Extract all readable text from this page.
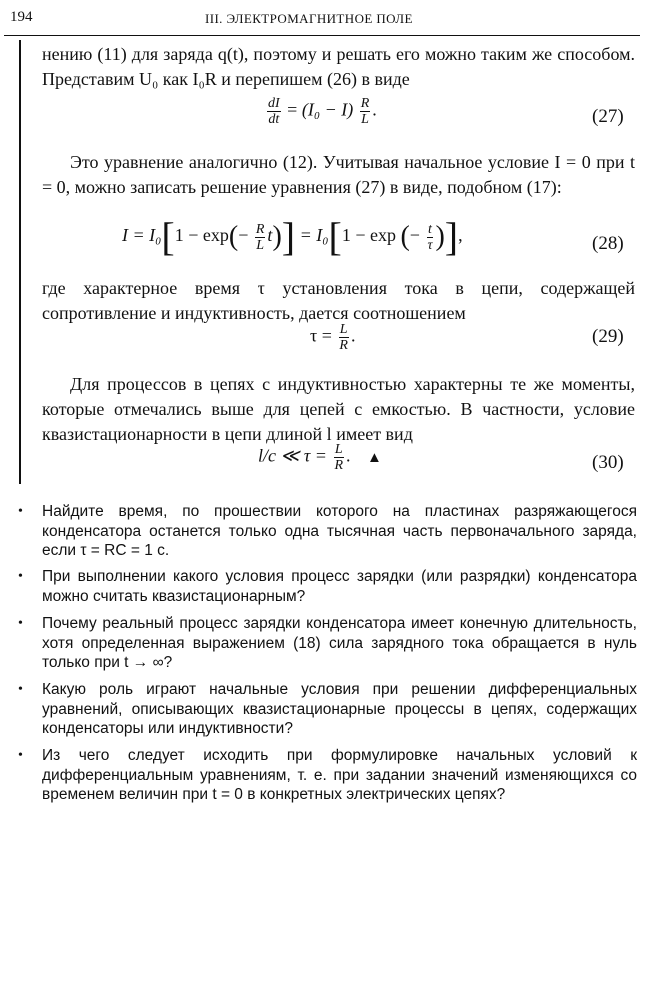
194	III. ЭЛЕКТРОМАГНИТНОЕ ПОЛЕ

нению (11) для заряда q(t), поэтому и решать его можно таким же способом. Представим U₀ как I₀R и перепишем (26) в виде

$\frac{dI}{dt} = (I_0 - I) \frac{R}{L}$ .	(27)

Это уравнение аналогично (12). Учитывая начальное условие I = 0 при t = 0, можно записать решение уравнения (27) в виде, подобном (17):

$I = I_0[1 - \exp(- \frac{R}{L} t)] = I_0[1 - \exp$ (− $\frac{t}{\tau}$ )],	(28)

где характерное время τ установления тока в цепи, содержащей сопротивление и индуктивность, дается соотношением

$\tau = \frac{L}{R}$ .	(29)

Для процессов в цепях с индуктивностью характерны те же моменты, которые отмечались выше для цепей с емкостью. В частности, условие квазистационарности в цепи длиной l имеет вид

l/c ≪ $\tau = \frac{L}{R}$ . ▲	(30)
• Найдите время, по прошествии которого на пластинах разряжающегося конденсатора останется только одна тысячная часть первоначального заряда, если τ = RC = 1 с.

• При выполнении какого условия процесс зарядки (или разрядки) конденсатора можно считать квазистационарным?

• Почему реальный процесс зарядки конденсатора имеет конечную длительность, хотя определенная выражением (18) сила зарядного тока обращается в нуль только при t → ∞?

• Какую роль играют начальные условия при решении дифференциальных уравнений, описывающих квазистационарные процессы в цепях, содержащих конденсаторы или индуктивности?

• Из чего следует исходить при формулировке начальных условий к дифференциальным уравнениям, т. е. при задании значений изменяющихся со временем величин при t = 0 в конкретных электрических цепях?
